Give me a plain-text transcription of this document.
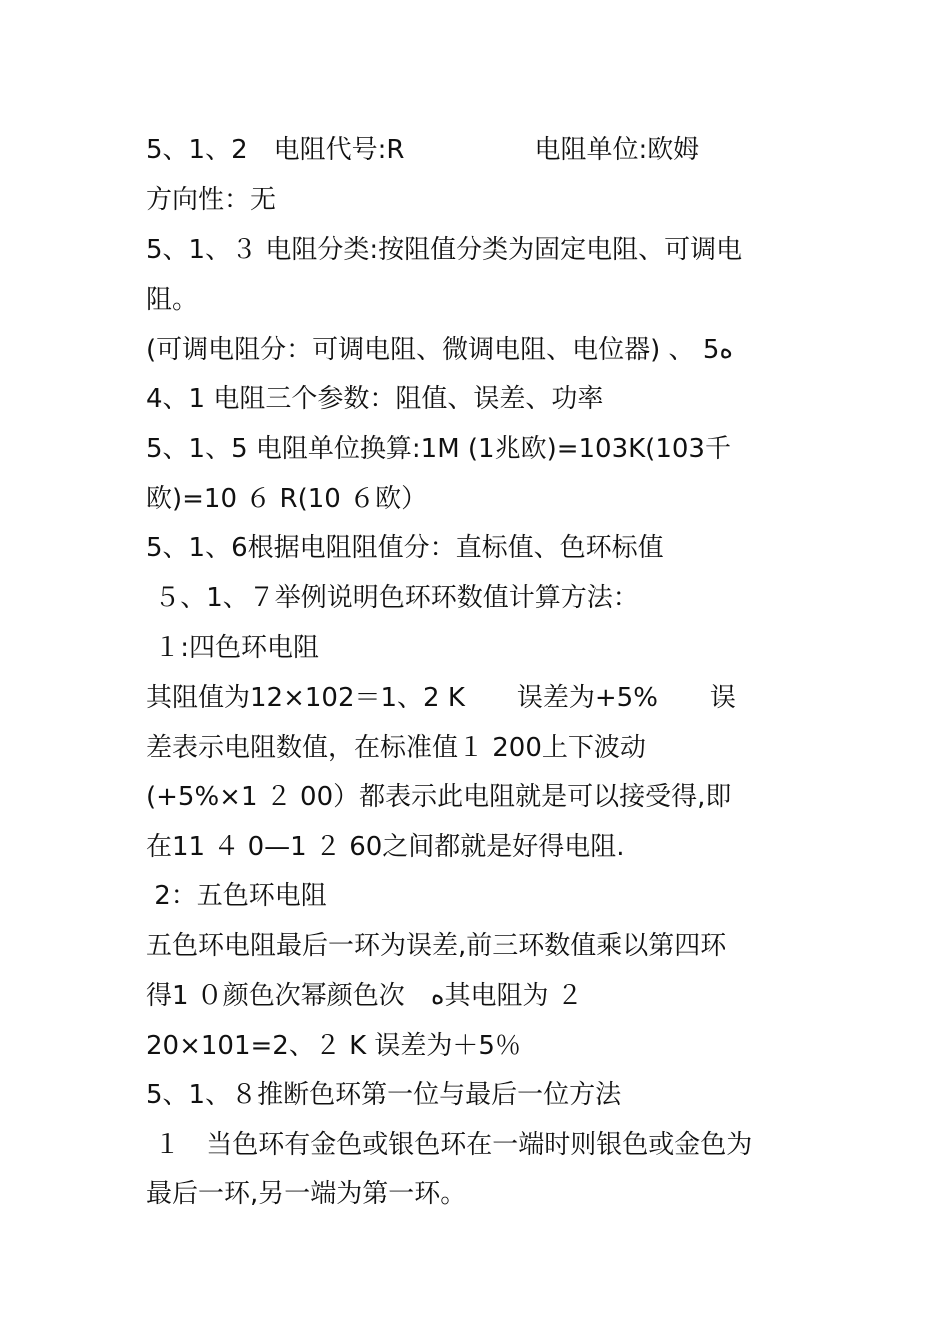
5、1、2　电阻代号:R　　　　　电阻单位:欧姆
方向性：无
5、1、３ 电阻分类:按阻值分类为固定电阻、可调电
阻。
(可调电阻分：可调电阻、微调电阻、电位器) 、 5ﻩ
4、1 电阻三个参数：阻值、误差、功率
5、1、5 电阻单位换算:1M (1兆欧)=103K(103千
欧)=10 ６ R(10 ６欧）
5、1、6根据电阻阻值分：直标值、色环标值
５、1、７举例说明色环环数值计算方法：
１:四色环电阻
其阻值为12×102＝1、2 K　　误差为+5%　　误
差表示电阻数值，在标准值１ 200上下波动
(+5%×1 ２ 00）都表示此电阻就是可以接受得,即
在11 ４ 0—1 ２ 60之间都就是好得电阻.
2：五色环电阻
五色环电阻最后一环为误差,前三环数值乘以第四环
得1 ０颜色次幂颜色次　ﻩ其电阻为 ２
20×101=2、２ K 误差为＋5％
5、1、８推断色环第一位与最后一位方法
１　当色环有金色或银色环在一端时则银色或金色为
最后一环,另一端为第一环。
